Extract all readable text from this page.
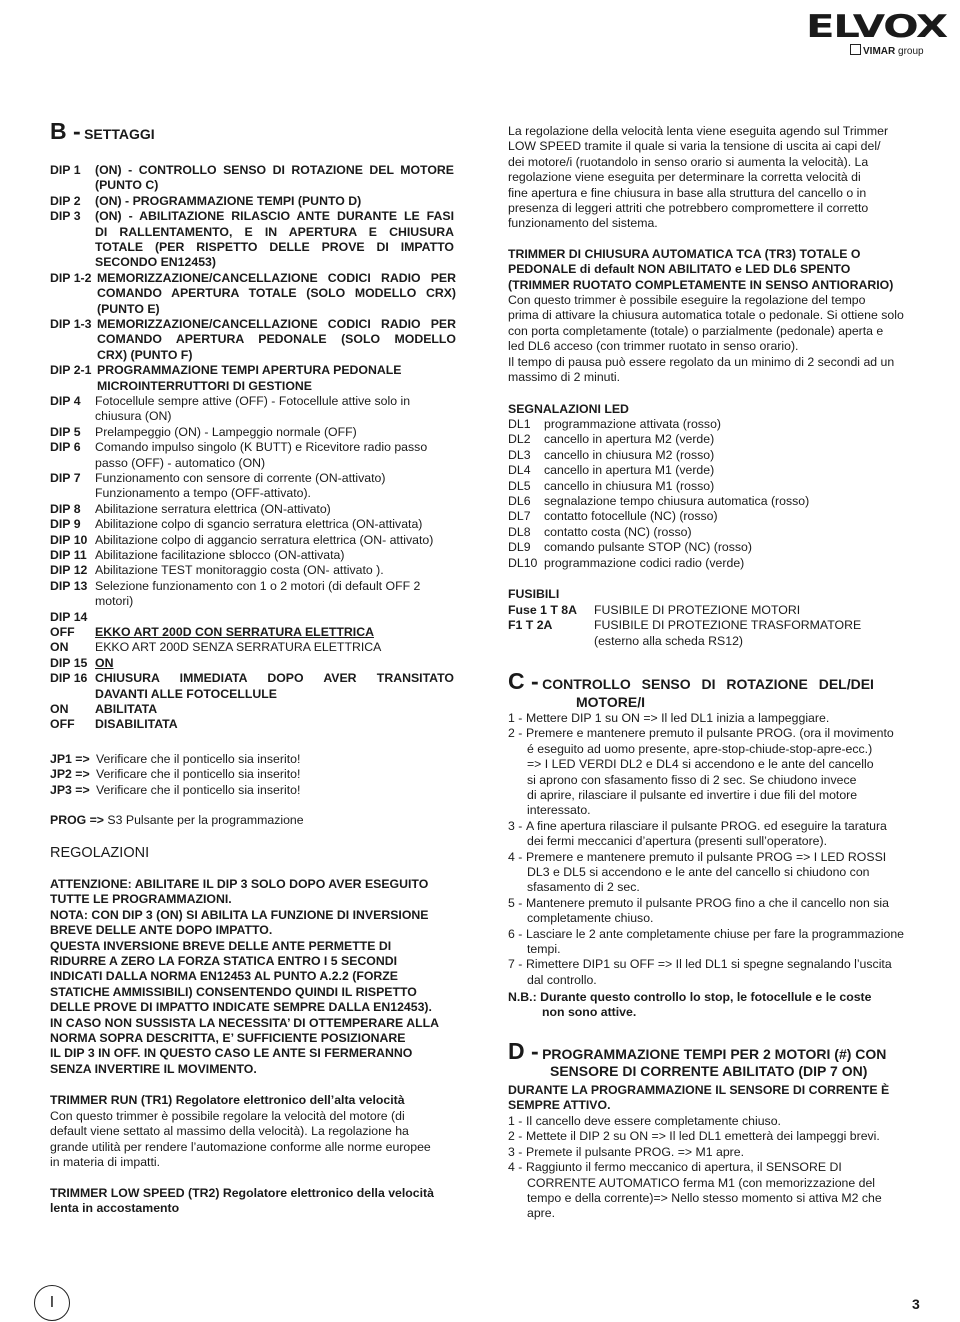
ELVOX
VIMAR group
B - SETTAGGI
DIP 1 (ON) - CONTROLLO SENSO DI ROTAZIONE DEL MOTORE
(PUNTO C)
DIP 2 (ON) - PROGRAMMAZIONE TEMPI (PUNTO D)
DIP 3 (ON) - ABILITAZIONE RILASCIO ANTE DURANTE LE FASI
DI RALLENTAMENTO, E IN APERTURA E CHIUSURA
TOTALE (PER RISPETTO DELLE PROVE DI IMPATTO
SECONDO EN12453)
DIP 1-2 MEMORIZZAZIONE/CANCELLAZIONE CODICI RADIO PER
COMANDO APERTURA TOTALE (SOLO MODELLO CRX)
(PUNTO E)
DIP 1-3 MEMORIZZAZIONE/CANCELLAZIONE CODICI RADIO PER
COMANDO APERTURA PEDONALE (SOLO MODELLO
CRX) (PUNTO F)
DIP 2-1 PROGRAMMAZIONE TEMPI APERTURA PEDONALE
MICROINTERRUTTORI DI GESTIONE
DIP 4 Fotocellule sempre attive (OFF) - Fotocellule attive solo in
chiusura (ON)
DIP 5 Prelampeggio (ON) - Lampeggio normale (OFF)
DIP 6 Comando impulso singolo (K BUTT) e Ricevitore radio passo
passo (OFF) - automatico (ON)
DIP 7 Funzionamento con sensore di corrente (ON-attivato)
Funzionamento a tempo (OFF-attivato).
DIP 8 Abilitazione serratura elettrica (ON-attivato)
DIP 9 Abilitazione colpo di sgancio serratura elettrica (ON-attivata)
DIP 10 Abilitazione colpo di aggancio serratura elettrica (ON- attivato)
DIP 11 Abilitazione facilitazione sblocco (ON-attivata)
DIP 12 Abilitazione TEST monitoraggio costa (ON- attivato ).
DIP 13 Selezione funzionamento con 1 o 2 motori (di default OFF 2
motori)
DIP 14
OFF EKKO ART 200D CON SERRATURA ELETTRICA
ON EKKO ART 200D SENZA SERRATURA ELETTRICA
DIP 15 ON
DIP 16 CHIUSURA IMMEDIATA DOPO AVER TRANSITATO
DAVANTI ALLE FOTOCELLULE
ON ABILITATA
OFF DISABILITATA
JP1 => Verificare che il ponticello sia inserito!
JP2 => Verificare che il ponticello sia inserito!
JP3 => Verificare che il ponticello sia inserito!
PROG => S3 Pulsante per la programmazione
REGOLAZIONI
ATTENZIONE: ABILITARE IL DIP 3 SOLO DOPO AVER ESEGUITO
TUTTE LE PROGRAMMAZIONI.
NOTA: CON DIP 3 (ON) SI ABILITA LA FUNZIONE DI INVERSIONE
BREVE DELLE ANTE DOPO IMPATTO.
QUESTA INVERSIONE BREVE DELLE ANTE PERMETTE DI
RIDURRE A ZERO LA FORZA STATICA ENTRO I 5 SECONDI
INDICATI DALLA NORMA EN12453 AL PUNTO A.2.2 (FORZE
STATICHE AMMISSIBILI) CONSENTENDO QUINDI IL RISPETTO
DELLE PROVE DI IMPATTO INDICATE SEMPRE DALLA EN12453).
IN CASO NON SUSSISTA LA NECESSITA’ DI OTTEMPERARE ALLA
NORMA SOPRA DESCRITTA, E’ SUFFICIENTE POSIZIONARE
IL DIP 3 IN OFF. IN QUESTO CASO LE ANTE SI FERMERANNO
SENZA INVERTIRE IL MOVIMENTO.
TRIMMER RUN (TR1) Regolatore elettronico dell’alta velocità
Con questo trimmer è possibile regolare la velocità del motore (di
default viene settato al massimo della velocità). La regolazione ha
grande utilità per rendere l’automazione conforme alle norme europee
in materia di impatti.
TRIMMER LOW SPEED (TR2) Regolatore elettronico della velocità
lenta in accostamento
La regolazione della velocità lenta viene eseguita agendo sul Trimmer
LOW SPEED tramite il quale si varia la tensione di uscita ai capi del/
dei motore/i (ruotandolo in senso orario si aumenta la velocità). La
regolazione viene eseguita per determinare la corretta velocità di
fine apertura e fine chiusura in base alla struttura del cancello o in
presenza di leggeri attriti che potrebbero compromettere il corretto
funzionamento del sistema.
TRIMMER DI CHIUSURA AUTOMATICA TCA (TR3) TOTALE O
PEDONALE di default NON ABILITATO e LED DL6 SPENTO
(TRIMMER RUOTATO COMPLETAMENTE IN SENSO ANTIORARIO)
Con questo trimmer è possibile eseguire la regolazione del tempo
prima di attivare la chiusura automatica totale o pedonale. Si ottiene solo
con porta completamente (totale) o parzialmente (pedonale) aperta e
led DL6 acceso (con trimmer ruotato in senso orario).
Il tempo di pausa può essere regolato da un minimo di 2 secondi ad un
massimo di 2 minuti.
SEGNALAZIONI LED
DL1 programmazione attivata (rosso)
DL2 cancello in apertura M2 (verde)
DL3 cancello in chiusura M2 (rosso)
DL4 cancello in apertura M1 (verde)
DL5 cancello in chiusura M1 (rosso)
DL6 segnalazione tempo chiusura automatica (rosso)
DL7 contatto fotocellule (NC) (rosso)
DL8 contatto costa (NC) (rosso)
DL9 comando pulsante STOP (NC) (rosso)
DL10 programmazione codici radio (verde)
FUSIBILI
Fuse 1 T 8A FUSIBILE DI PROTEZIONE MOTORI
F1 T 2A	FUSIBILE DI PROTEZIONE TRASFORMATORE
(esterno alla scheda RS12)
C - CONTROLLO SENSO DI ROTAZIONE DEL/DEI
MOTORE/I
1 - Mettere DIP 1 su ON => Il led DL1 inizia a lampeggiare.
2 - Premere e mantenere premuto il pulsante PROG. (ora il movimento
é eseguito ad uomo presente, apre-stop-chiude-stop-apre-ecc.)
=> I LED VERDI DL2 e DL4 si accendono e le ante del cancello
si aprono con sfasamento fisso di 2 sec. Se chiudono invece
di aprire, rilasciare il pulsante ed invertire i due fili del motore
interessato.
3 - A fine apertura rilasciare il pulsante PROG. ed eseguire la taratura
dei fermi meccanici d’apertura (presenti sull’operatore).
4 - Premere e mantenere premuto il pulsante PROG => I LED ROSSI
DL3 e DL5 si accendono e le ante del cancello si chiudono con
sfasamento di 2 sec.
5 - Mantenere premuto il pulsante PROG fino a che il cancello non sia
completamente chiuso.
6 - Lasciare le 2 ante completamente chiuse per fare la programmazione
tempi.
7 - Rimettere DIP1 su OFF => Il led DL1 si spegne segnalando l’uscita
dal controllo.
N.B.: Durante questo controllo lo stop, le fotocellule e le coste
non sono attive.
D - PROGRAMMAZIONE TEMPI PER 2 MOTORI (#) CON
SENSORE DI CORRENTE ABILITATO (DIP 7 ON)
DURANTE LA PROGRAMMAZIONE IL SENSORE DI CORRENTE È
SEMPRE ATTIVO.
1 - Il cancello deve essere completamente chiuso.
2 - Mettete il DIP 2 su ON => Il led DL1 emetterà dei lampeggi brevi.
3 - Premete il pulsante PROG. => M1 apre.
4 - Raggiunto il fermo meccanico di apertura, il SENSORE DI
CORRENTE AUTOMATICO ferma M1 (con memorizzazione del
tempo e della corrente)=> Nello stesso momento si attiva M2 che
apre.
I	3
